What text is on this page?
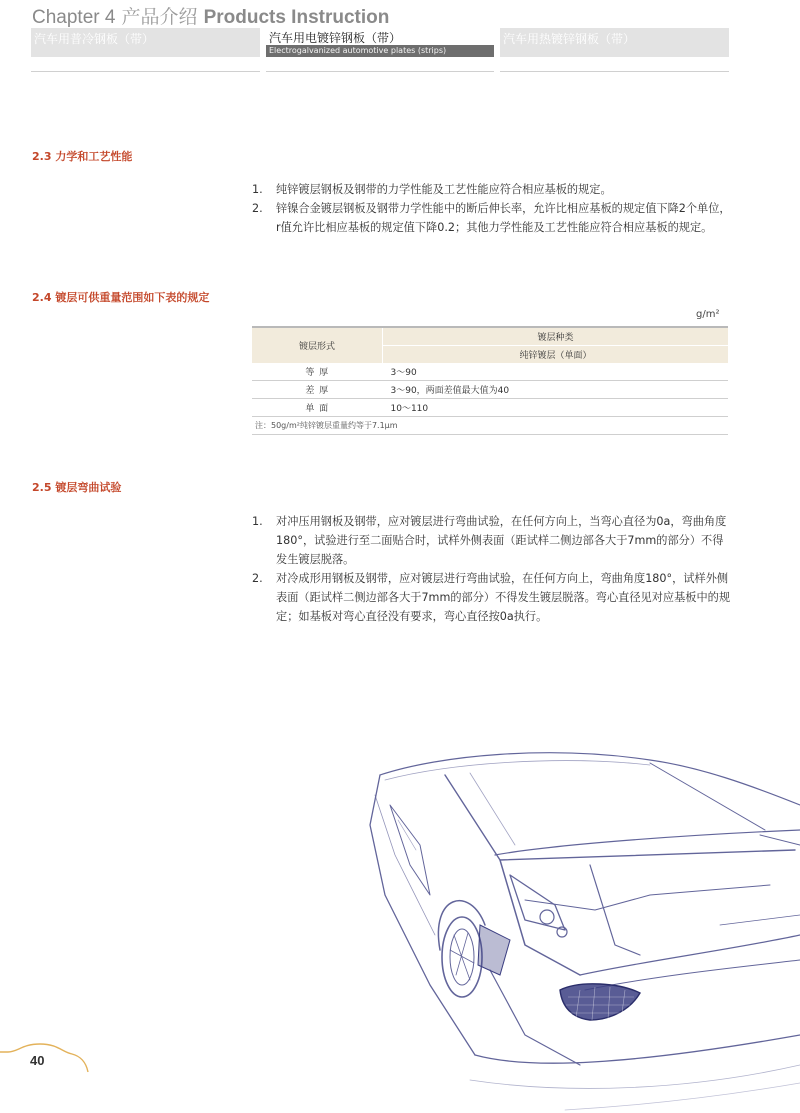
Chapter 4 产品介绍 Products Instruction
汽车用普冷钢板（带）	汽车用电镀锌钢板（带）
Electrogalvanized automotive plates (strips)
汽车用热镀锌钢板（带）
2.3 力学和工艺性能
1. 纯锌镀层钢板及钢带的力学性能及工艺性能应符合相应基板的规定。
2. 锌镍合金镀层钢板及钢带力学性能中的断后伸长率，允许比相应基板的规定值下降2个单位，r值允许比相应基板的规定值下降0.2；其他力学性能及工艺性能应符合相应基板的规定。
2.4 镀层可供重量范围如下表的规定
g/m²
镀层形式	镀层种类
	纯锌镀层（单面）
等 厚	3～90
差 厚	3～90，两面差值最大值为40
单 面	10～110
注：50g/m²纯锌镀层重量约等于7.1μm	
2.5 镀层弯曲试验
1. 对冲压用钢板及钢带，应对镀层进行弯曲试验，在任何方向上，当弯心直径为0a，弯曲角度180°，试验进行至二面贴合时，试样外侧表面（距试样二侧边部各大于7mm的部分）不得发生镀层脱落。
2. 对冷成形用钢板及钢带，应对镀层进行弯曲试验，在任何方向上，弯曲角度180°，试样外侧表面（距试样二侧边部各大于7mm的部分）不得发生镀层脱落。弯心直径见对应基板中的规定；如基板对弯心直径没有要求，弯心直径按0a执行。
40
